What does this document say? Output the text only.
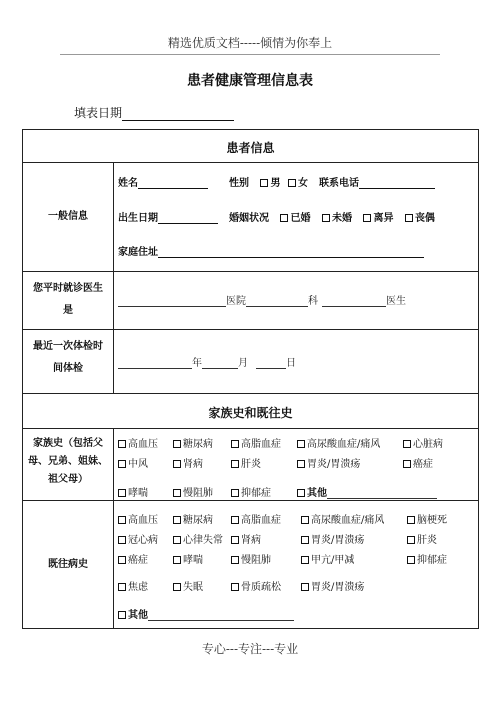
精选优质文档-----倾情为你奉上
患者健康管理信息表
填表日期
患者信息
一般信息
姓名	性别 男 女 联系电话
出生日期	婚姻状况 已婚 未婚 离异 丧偶
家庭住址
您平时就诊医生
是
医院	科	医生
最近一次体检时
间体检	年	月	日
家族史和既往史
家族史（包括父
母、兄弟、姐妹、
祖父母）
高血压	糖尿病	高脂血症	高尿酸血症/痛风	心脏病
中风	肾病	肝炎	胃炎/胃溃疡	癌症
哮喘	慢阻肺	抑郁症	其他
既往病史
高血压	糖尿病	高脂血症	高尿酸血症/痛风	脑梗死
冠心病	心律失常	肾病	胃炎/胃溃疡	肝炎
癌症	哮喘	慢阻肺	甲亢/甲减	抑郁症
焦虑	失眠	骨质疏松	胃炎/胃溃疡
其他
专心---专注---专业
